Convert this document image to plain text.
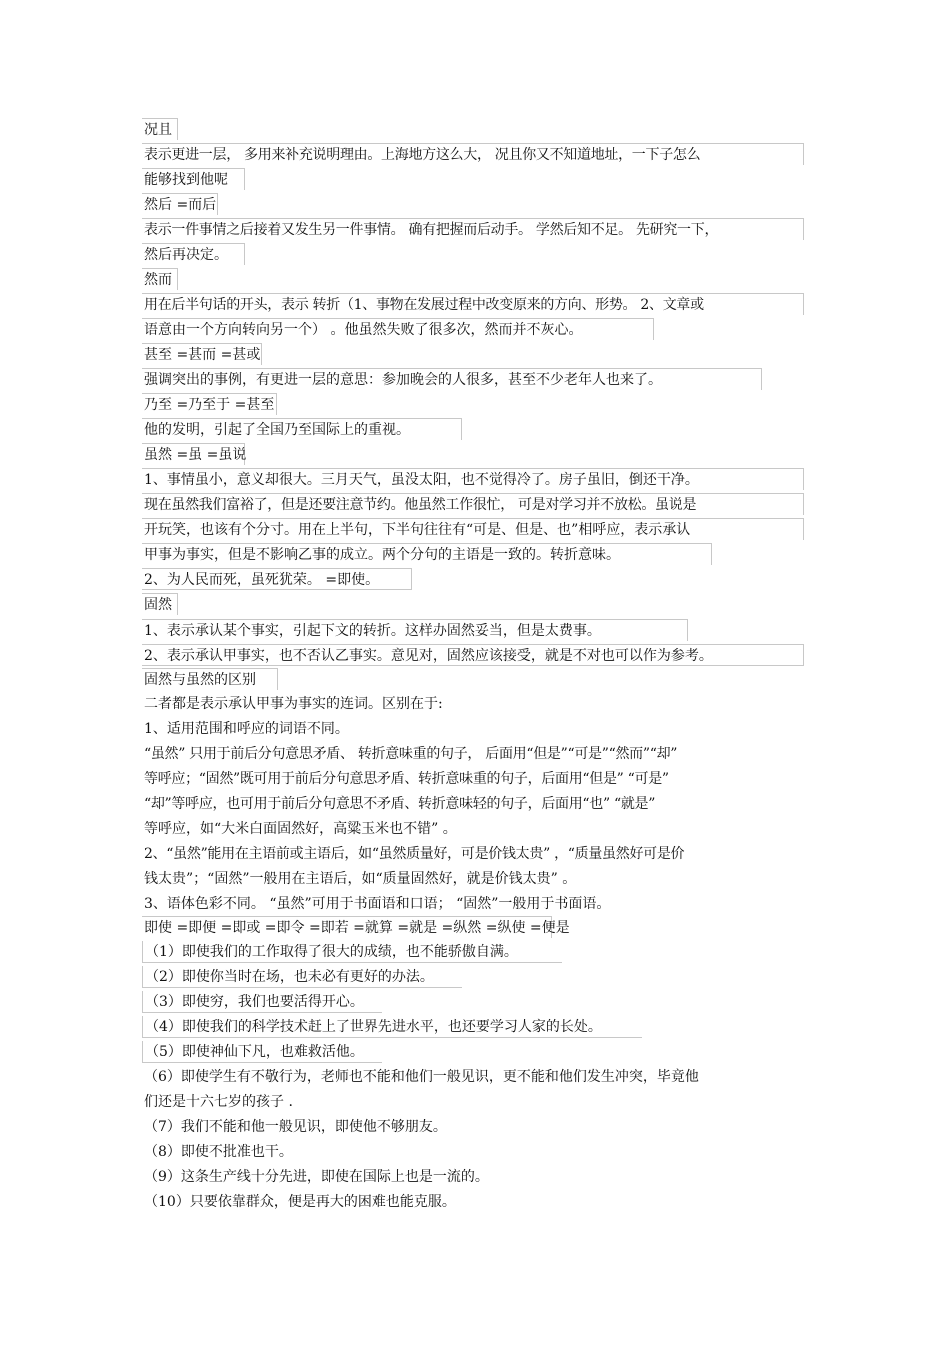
况且
表示更进一层， 多用来补充说明理由。上海地方这么大， 况且你又不知道地址，一下子怎么
能够找到他呢
然后 =而后
表示一件事情之后接着又发生另一件事情。 确有把握而后动手。 学然后知不足。 先研究一下，
然后再决定。
然而
用在后半句话的开头，表示 转折（1、事物在发展过程中改变原来的方向、形势。 2、文章或
语意由一个方向转向另一个） 。他虽然失败了很多次，然而并不灰心。
甚至 =甚而 =甚或
强调突出的事例，有更进一层的意思：参加晚会的人很多，甚至不少老年人也来了。
乃至 =乃至于 =甚至
他的发明，引起了全国乃至国际上的重视。
虽然 =虽 =虽说
1、事情虽小，意义却很大。三月天气，虽没太阳，也不觉得冷了。房子虽旧，倒还干净。
现在虽然我们富裕了，但是还要注意节约。他虽然工作很忙， 可是对学习并不放松。虽说是
开玩笑，也该有个分寸。用在上半句，下半句往往有“可是、但是、也”相呼应，表示承认
甲事为事实，但是不影响乙事的成立。两个分句的主语是一致的。转折意味。
2、为人民而死，虽死犹荣。 =即使。
固然
1、表示承认某个事实，引起下文的转折。这样办固然妥当，但是太费事。
2、表示承认甲事实，也不否认乙事实。意见对，固然应该接受，就是不对也可以作为参考。
固然与虽然的区别
二者都是表示承认甲事为事实的连词。区别在于:
1、适用范围和呼应的词语不同。
“虽然” 只用于前后分句意思矛盾、 转折意味重的句子， 后面用“但是”“可是”“然而”“却”
等呼应；“固然”既可用于前后分句意思矛盾、转折意味重的句子，后面用“但是” “可是”
“却”等呼应，也可用于前后分句意思不矛盾、转折意味轻的句子，后面用“也” “就是”
等呼应，如“大米白面固然好，高粱玉米也不错” 。
2、“虽然”能用在主语前或主语后，如“虽然质量好，可是价钱太贵” ，“质量虽然好可是价
钱太贵”；“固然”一般用在主语后，如“质量固然好，就是价钱太贵” 。
3、语体色彩不同。 “虽然”可用于书面语和口语； “固然”一般用于书面语。
即使 =即便 =即或 =即令 =即若 =就算 =就是 =纵然 =纵使 =便是
（1）即使我们的工作取得了很大的成绩，也不能骄傲自满。
（2）即使你当时在场，也未必有更好的办法。
（3）即使穷，我们也要活得开心。
（4）即使我们的科学技术赶上了世界先进水平，也还要学习人家的长处。
（5）即使神仙下凡，也难救活他。
（6）即使学生有不敬行为，老师也不能和他们一般见识，更不能和他们发生冲突，毕竟他
们还是十六七岁的孩子 .
（7）我们不能和他一般见识，即使他不够朋友。
（8）即使不批准也干。
（9）这条生产线十分先进，即使在国际上也是一流的。
（10）只要依靠群众，便是再大的困难也能克服。
